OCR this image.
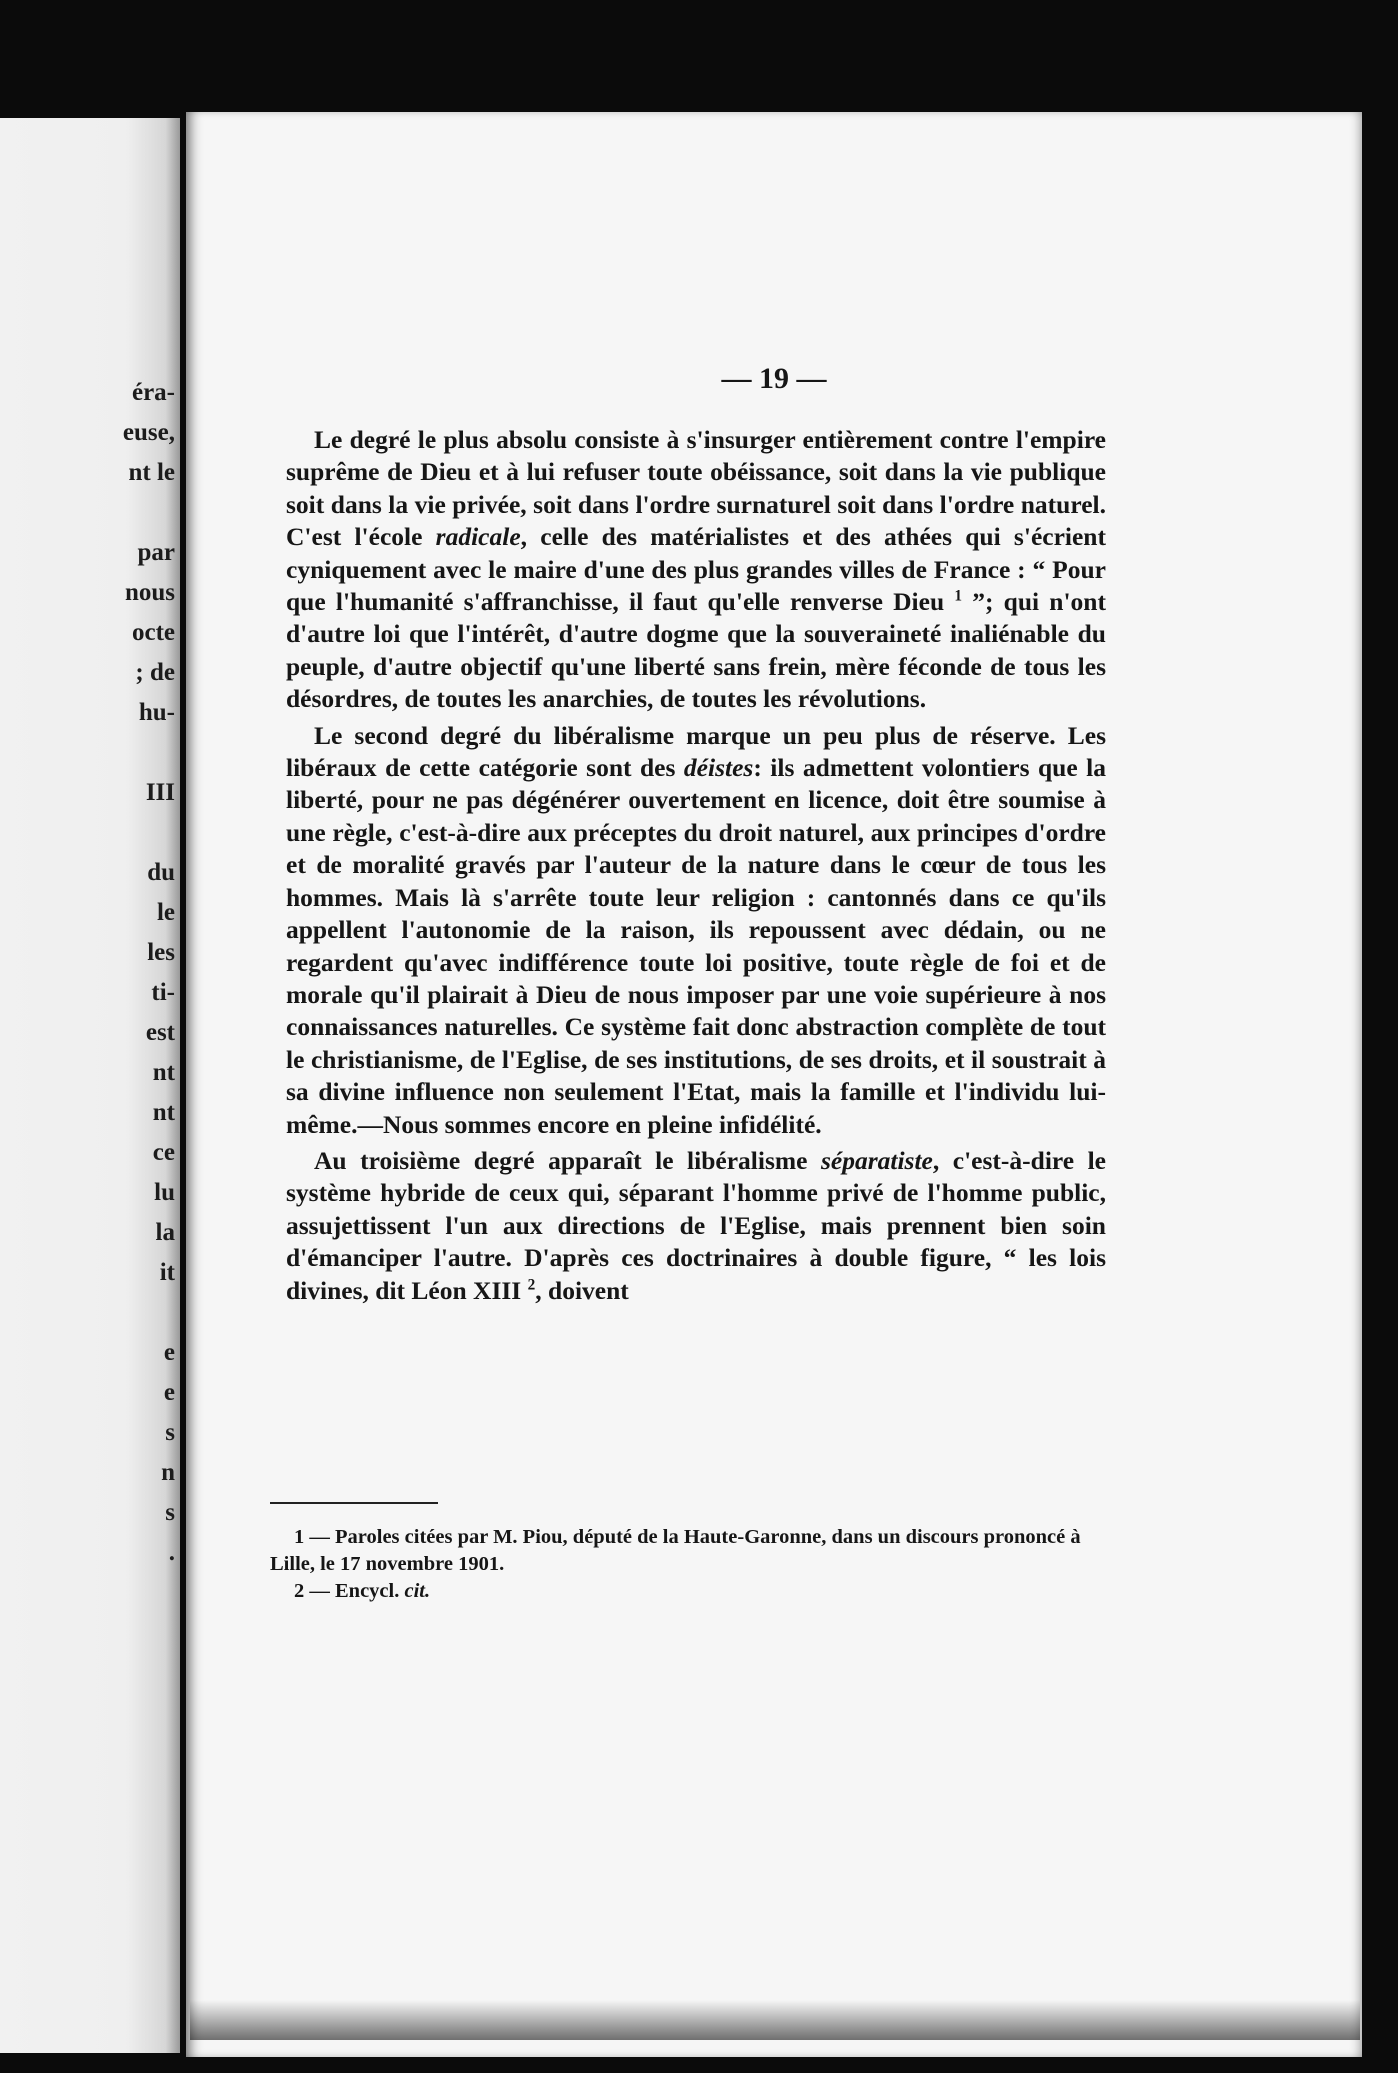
éra-
euse,
nt le

par
nous
octe
; de
hu-

III

du
le
les
ti-
est
nt
nt
ce
lu
la
it

e
e
s
n
s
.
— 19 —

Le degré le plus absolu consiste à s'insurger entièrement contre l'empire suprême de Dieu et à lui refuser toute obéissance, soit dans la vie publique soit dans la vie privée, soit dans l'ordre surnaturel soit dans l'ordre naturel. C'est l'école radicale, celle des matérialistes et des athées qui s'écrient cyniquement avec le maire d'une des plus grandes villes de France : “ Pour que l'humanité s'affranchisse, il faut qu'elle renverse Dieu $^1$ ”; qui n'ont d'autre loi que l'intérêt, d'autre dogme que la souveraineté inaliénable du peuple, d'autre objectif qu'une liberté sans frein, mère féconde de tous les désordres, de toutes les anarchies, de toutes les révolutions.

Le second degré du libéralisme marque un peu plus de réserve. Les libéraux de cette catégorie sont des déistes: ils admettent volontiers que la liberté, pour ne pas dégénérer ouvertement en licence, doit être soumise à une règle, c'est-à-dire aux préceptes du droit naturel, aux principes d'ordre et de moralité gravés par l'auteur de la nature dans le cœur de tous les hommes. Mais là s'arrête toute leur religion : cantonnés dans ce qu'ils appellent l'autonomie de la raison, ils repoussent avec dédain, ou ne regardent qu'avec indifférence toute loi positive, toute règle de foi et de morale qu'il plairait à Dieu de nous imposer par une voie supérieure à nos connaissances naturelles. Ce système fait donc abstraction complète de tout le christianisme, de l'Eglise, de ses institutions, de ses droits, et il soustrait à sa divine influence non seulement l'Etat, mais la famille et l'individu lui-même.—Nous sommes encore en pleine infidélité.

Au troisième degré apparaît le libéralisme séparatiste, c'est-à-dire le système hybride de ceux qui, séparant l'homme privé de l'homme public, assujettissent l'un aux directions de l'Eglise, mais prennent bien soin d'émanciper l'autre. D'après ces doctrinaires à double figure, “ les lois divines, dit Léon XIII $^2$, doivent

1 — Paroles citées par M. Piou, député de la Haute-Garonne, dans un discours prononcé à Lille, le 17 novembre 1901.

2 — Encycl. cit.
